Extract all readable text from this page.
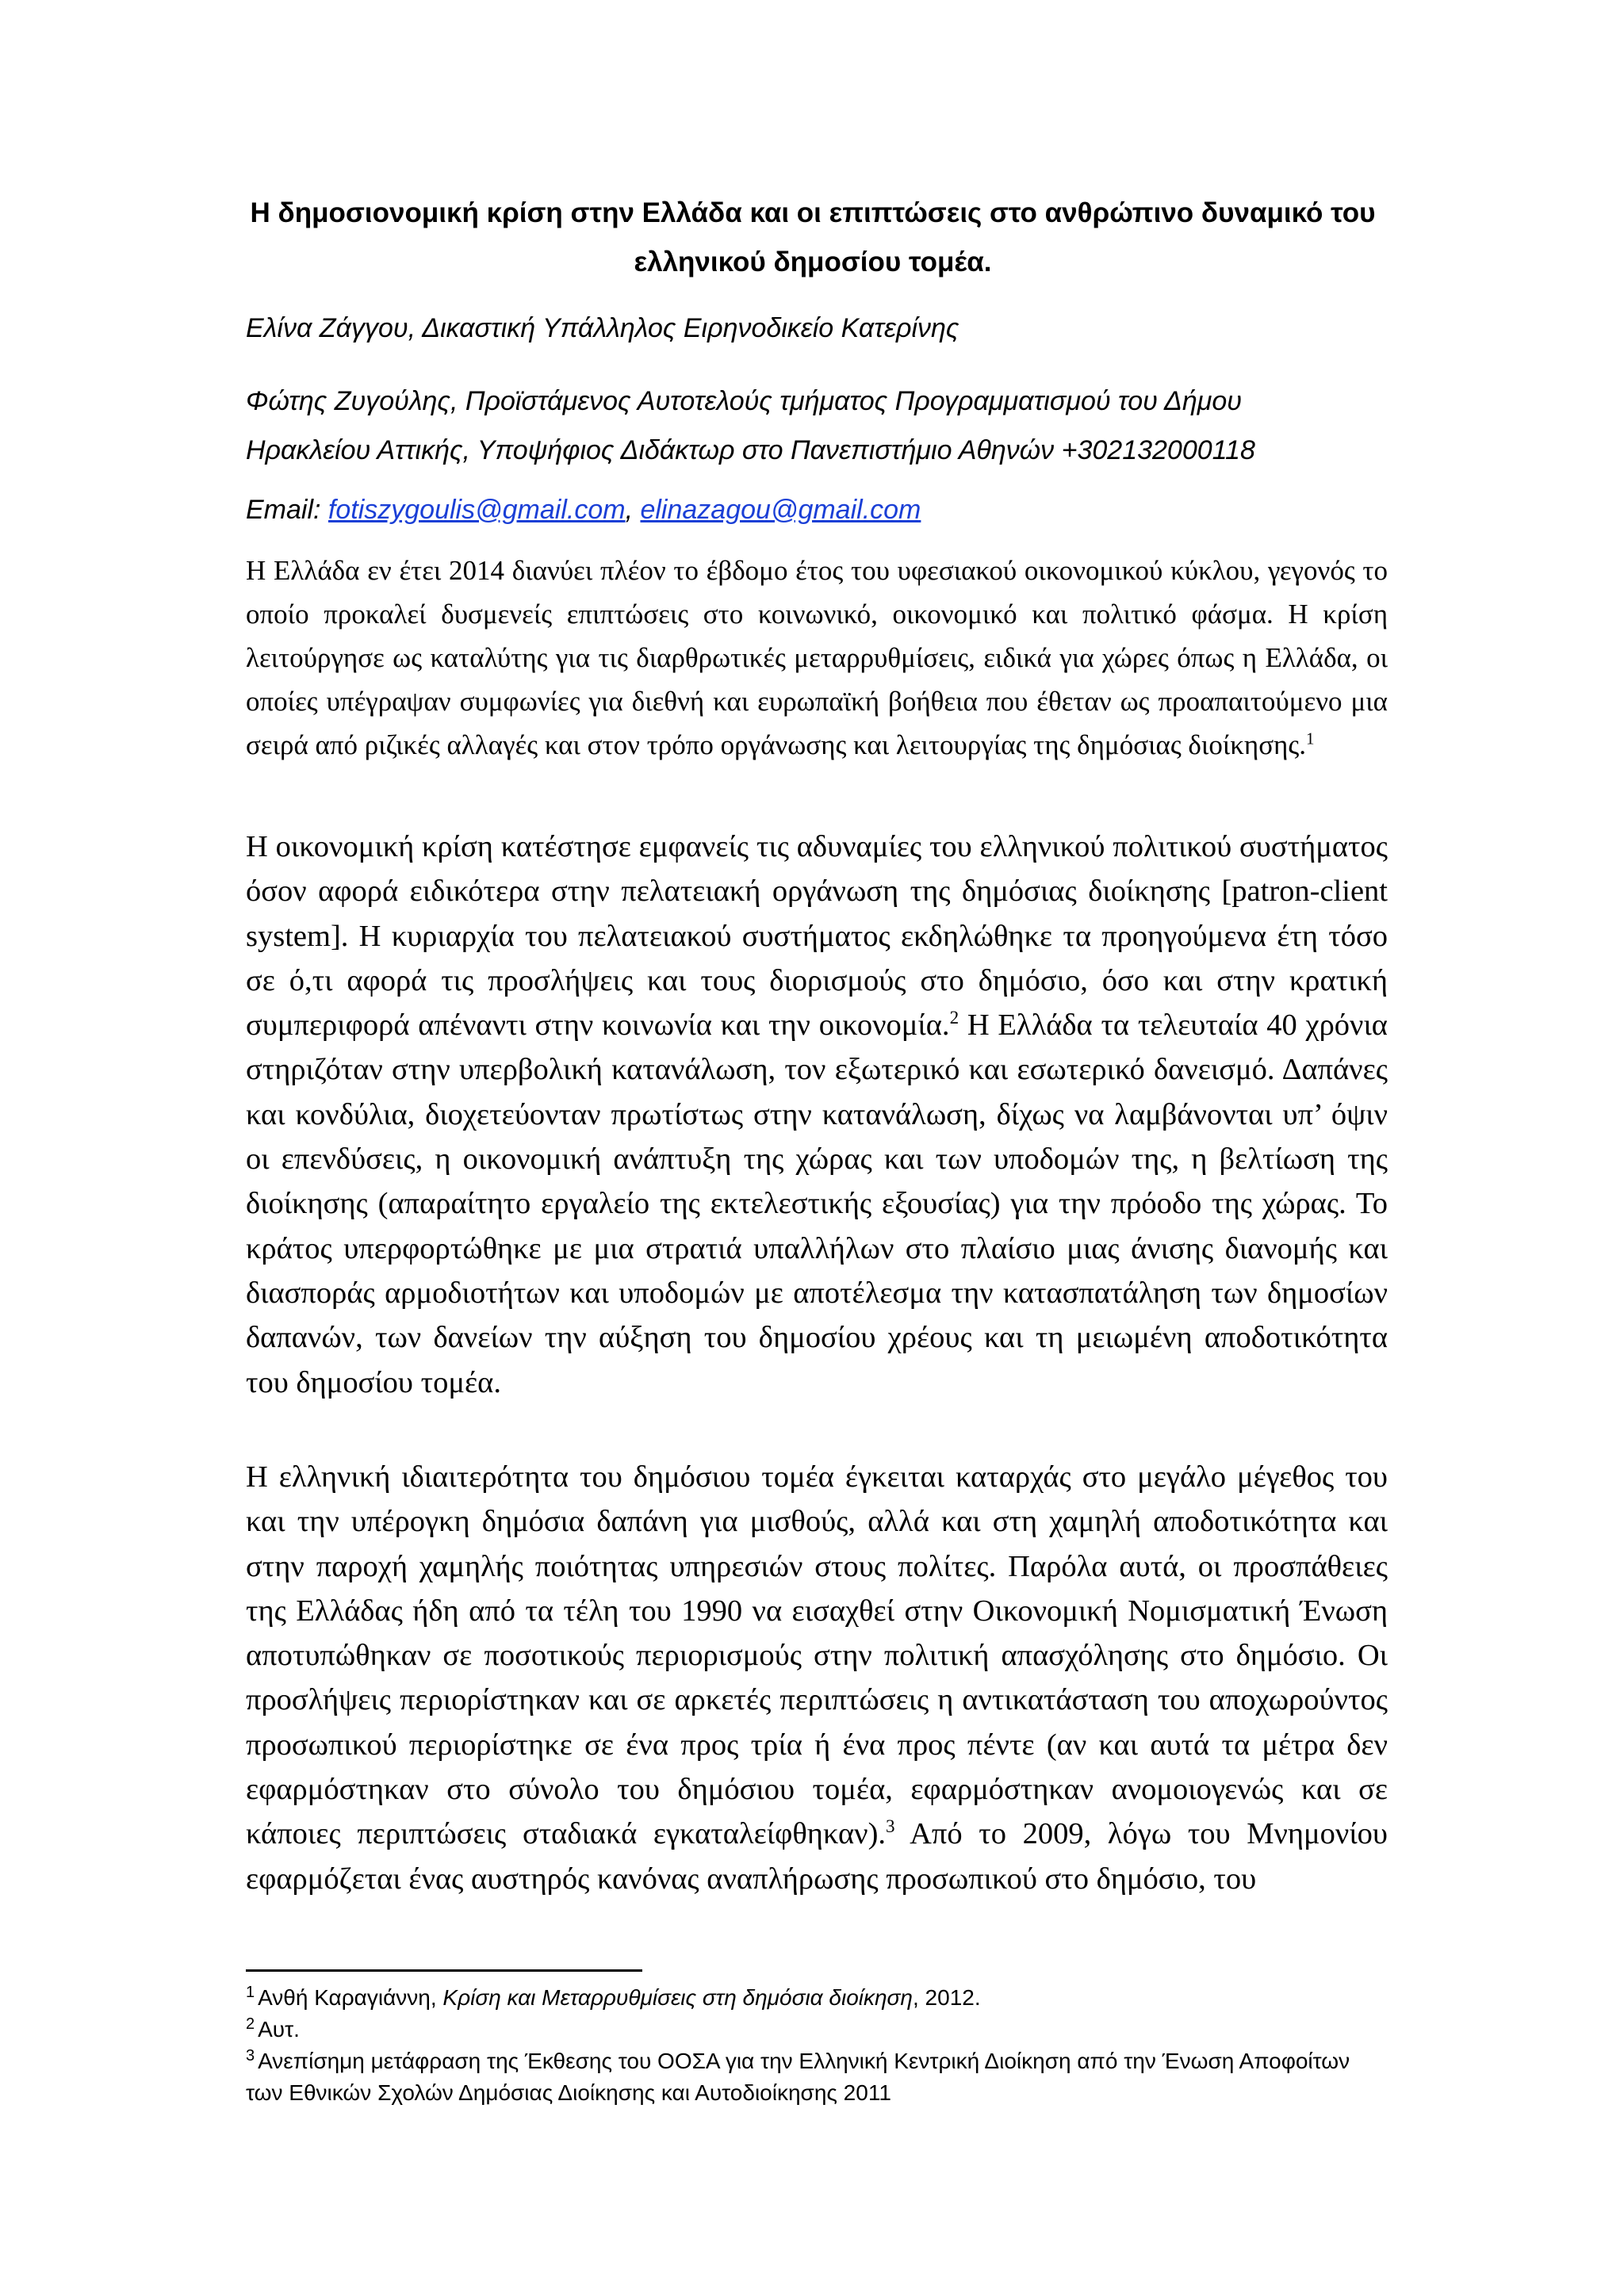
Η δημοσιονομική κρίση στην Ελλάδα και οι επιπτώσεις στο ανθρώπινο δυναμικό του ελληνικού δημοσίου τομέα.
Ελίνα Ζάγγου, Δικαστική Υπάλληλος Ειρηνοδικείο Κατερίνης
Φώτης Ζυγούλης, Προϊστάμενος Αυτοτελούς τμήματος Προγραμματισμού του Δήμου
Ηρακλείου Αττικής, Υποψήφιος Διδάκτωρ στο Πανεπιστήμιο Αθηνών +302132000118
Email: fotiszygoulis@gmail.com, elinazagou@gmail.com
Η Ελλάδα εν έτει 2014 διανύει πλέον το έβδομο έτος του υφεσιακού οικονομικού κύκλου, γεγονός το οποίο προκαλεί δυσμενείς επιπτώσεις στο κοινωνικό, οικονομικό και πολιτικό φάσμα. Η κρίση λειτούργησε ως καταλύτης για τις διαρθρωτικές μεταρρυθμίσεις, ειδικά για χώρες όπως η Ελλάδα, οι οποίες υπέγραψαν συμφωνίες για διεθνή και ευρωπαϊκή βοήθεια που έθεταν ως προαπαιτούμενο μια σειρά από ριζικές αλλαγές και στον τρόπο οργάνωσης και λειτουργίας της δημόσιας διοίκησης.$^1$
Η οικονομική κρίση κατέστησε εμφανείς τις αδυναμίες του ελληνικού πολιτικού συστήματος όσον αφορά ειδικότερα στην πελατειακή οργάνωση της δημόσιας διοίκησης [patron-client system]. Η κυριαρχία του πελατειακού συστήματος εκδηλώθηκε τα προηγούμενα έτη τόσο σε ό,τι αφορά τις προσλήψεις και τους διορισμούς στο δημόσιο, όσο και στην κρατική συμπεριφορά απέναντι στην κοινωνία και την οικονομία.$^2$ Η Ελλάδα τα τελευταία 40 χρόνια στηριζόταν στην υπερβολική κατανάλωση, τον εξωτερικό και εσωτερικό δανεισμό. Δαπάνες και κονδύλια, διοχετεύονταν πρωτίστως στην κατανάλωση, δίχως να λαμβάνονται υπ’ όψιν οι επενδύσεις, η οικονομική ανάπτυξη της χώρας και των υποδομών της, η βελτίωση της διοίκησης (απαραίτητο εργαλείο της εκτελεστικής εξουσίας) για την πρόοδο της χώρας. Το κράτος υπερφορτώθηκε με μια στρατιά υπαλλήλων στο πλαίσιο μιας άνισης διανομής και διασποράς αρμοδιοτήτων και υποδομών με αποτέλεσμα την κατασπατάληση των δημοσίων δαπανών, των δανείων την αύξηση του δημοσίου χρέους και τη μειωμένη αποδοτικότητα του δημοσίου τομέα.
Η ελληνική ιδιαιτερότητα του δημόσιου τομέα έγκειται καταρχάς στο μεγάλο μέγεθος του και την υπέρογκη δημόσια δαπάνη για μισθούς, αλλά και στη χαμηλή αποδοτικότητα και στην παροχή χαμηλής ποιότητας υπηρεσιών στους πολίτες. Παρόλα αυτά, οι προσπάθειες της Ελλάδας ήδη από τα τέλη του 1990 να εισαχθεί στην Οικονομική Νομισματική Ένωση αποτυπώθηκαν σε ποσοτικούς περιορισμούς στην πολιτική απασχόλησης στο δημόσιο. Οι προσλήψεις περιορίστηκαν και σε αρκετές περιπτώσεις η αντικατάσταση του αποχωρούντος προσωπικού περιορίστηκε σε ένα προς τρία ή ένα προς πέντε (αν και αυτά τα μέτρα δεν εφαρμόστηκαν στο σύνολο του δημόσιου τομέα, εφαρμόστηκαν ανομοιογενώς και σε κάποιες περιπτώσεις σταδιακά εγκαταλείφθηκαν).$^3$ Από το 2009, λόγω του Μνημονίου εφαρμόζεται ένας αυστηρός κανόνας αναπλήρωσης προσωπικού στο δημόσιο, του

$^1$ Ανθή Καραγιάννη, Κρίση και Μεταρρυθμίσεις στη δημόσια διοίκηση, 2012.

$^2$ Αυτ.

$^3$ Ανεπίσημη μετάφραση της Έκθεσης του ΟΟΣΑ για την Ελληνική Κεντρική Διοίκηση από την Ένωση Αποφοίτων των Εθνικών Σχολών Δημόσιας Διοίκησης και Αυτοδιοίκησης 2011
